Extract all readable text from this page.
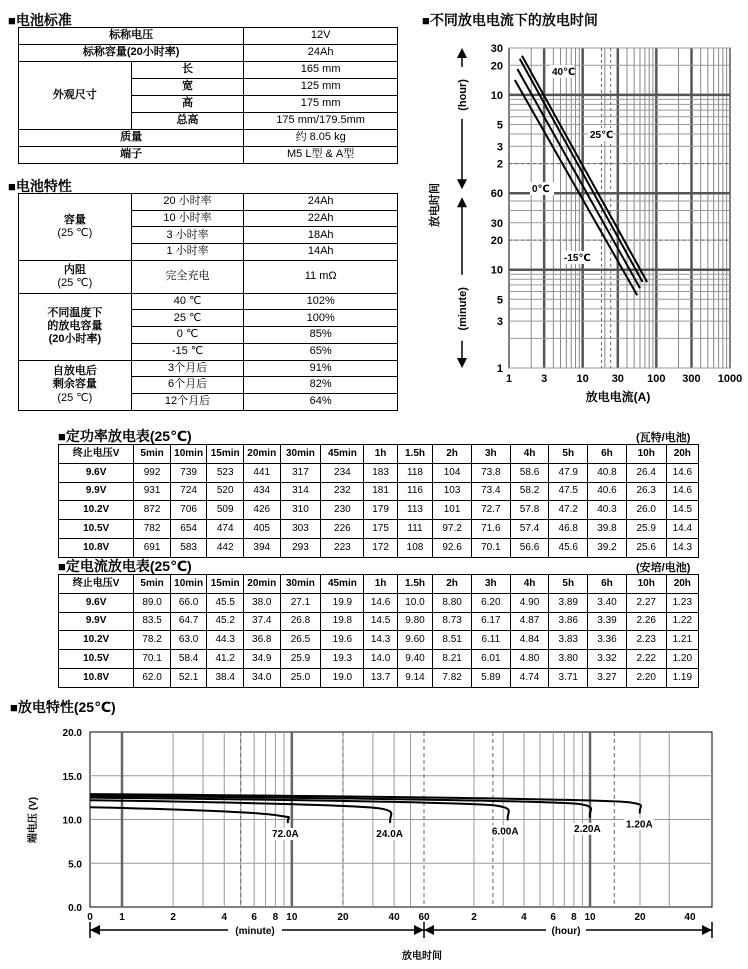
■电池标准
标称电压		12V
标称容量(20小时率)		24Ah
外观尺寸	长	165 mm
	宽	125 mm
	高	175 mm
	总高	175 mm/179.5mm
质量		约 8.05 kg
端子		M5 L型 & A型
■电池特性
容量
(25 ℃)	20 小时率	24Ah
	10 小时率	22Ah
	3 小时率	18Ah
	1 小时率	14Ah

内阻
(25 ℃)	完全充电	11 mΩ

不同温度下
的放电容量
(20小时率)	40 ℃	102%
	25 ℃	100%
	0 ℃	85%
	-15 ℃	65%

自放电后
剩余容量
(25 ℃)	3个月后	91%
	6个月后	82%
	12个月后	64%
■不同放电电流下的放电时间
1	3	10 30 100 300 1000
30
20
10
5
3
2
60
30
20
10
5
3
1
(hour)
(minute)
放电时间
放电电流(A)
40℃
25℃
0℃
-15℃
■定功率放电表(25℃)	(瓦特/电池)
终止电压V	5min	10min	15min	20min	30min	45min	1h	1.5h	2h	3h	4h	5h	6h	10h	20h
9.6V	992	739	523	441	317	234	183	118	104	73.8	58.6	47.9	40.8	26.4	14.6
9.9V	931	724	520	434	314	232	181	116	103	73.4	58.2	47.5	40.6	26.3	14.6
10.2V	872	706	509	426	310	230	179	113	101	72.7	57.8	47.2	40.3	26.0	14.5
10.5V	782	654	474	405	303	226	175	111	97.2	71.6	57.4	46.8	39.8	25.9	14.4
10.8V	691	583	442	394	293	223	172	108	92.6	70.1	56.6	45.6	39.2	25.6	14.3
■定电流放电表(25℃)	(安培/电池)
终止电压V	5min	10min	15min	20min	30min	45min	1h	1.5h	2h	3h	4h	5h	6h	10h	20h
9.6V	89.0	66.0	45.5	38.0	27.1	19.9	14.6	10.0	8.80	6.20	4.90	3.89	3.40	2.27	1.23
9.9V	83.5	64.7	45.2	37.4	26.8	19.8	14.5	9.80	8.73	6.17	4.87	3.86	3.39	2.26	1.22
10.2V	78.2	63.0	44.3	36.8	26.5	19.6	14.3	9.60	8.51	6.11	4.84	3.83	3.36	2.23	1.21
10.5V	70.1	58.4	41.2	34.9	25.9	19.3	14.0	9.40	8.21	6.01	4.80	3.80	3.32	2.22	1.20
10.8V	62.0	52.1	38.4	34.0	25.0	19.0	13.7	9.14	7.82	5.89	4.74	3.71	3.27	2.20	1.19
■放电特性(25℃)
20.0
15.0
10.0
5.0
0.0
0	1	2	4 6 8 10	20	40 60	2	4 6 8 10	20	40
端电压 (V)
(minute)	(hour)
放电时间
72.0A	24.0A	6.00A	2.20A	1.20A
